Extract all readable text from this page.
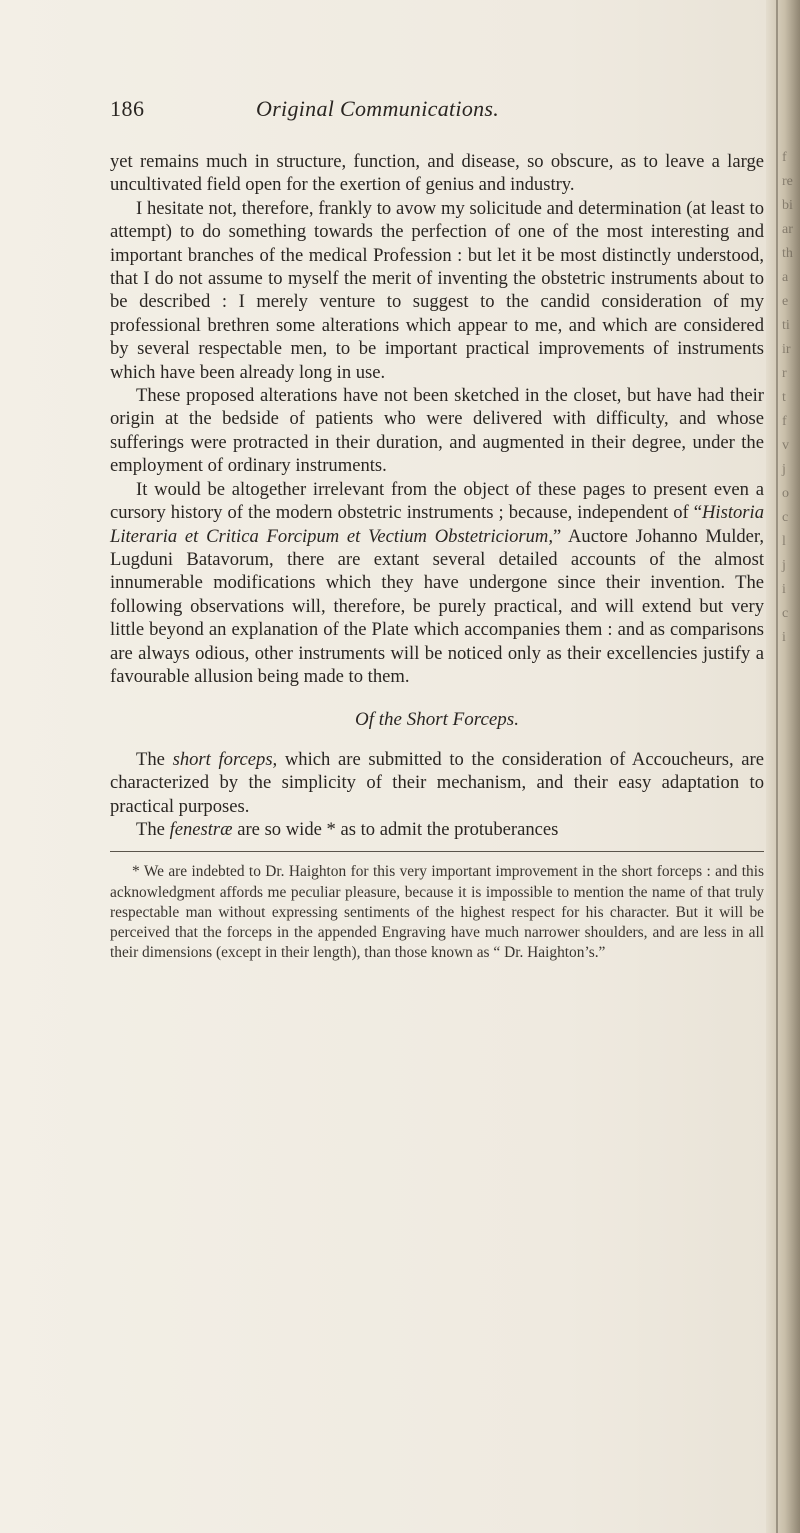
186	Original Communications.

yet remains much in structure, function, and disease, so obscure, as to leave a large uncultivated field open for the exertion of genius and industry.

I hesitate not, therefore, frankly to avow my solicitude and determination (at least to attempt) to do something towards the perfection of one of the most interesting and important branches of the medical Profession : but let it be most distinctly understood, that I do not assume to myself the merit of inventing the obstetric instruments about to be described : I merely venture to suggest to the candid consideration of my professional brethren some alterations which appear to me, and which are considered by several respectable men, to be important practical improvements of instruments which have been already long in use.

These proposed alterations have not been sketched in the closet, but have had their origin at the bedside of patients who were delivered with difficulty, and whose sufferings were protracted in their duration, and augmented in their degree, under the employment of ordinary instruments.

It would be altogether irrelevant from the object of these pages to present even a cursory history of the modern obstetric instruments ; because, independent of “Historia Literaria et Critica Forcipum et Vectium Obstetriciorum,” Auctore Johanno Mulder, Lugduni Batavorum, there are extant several detailed accounts of the almost innumerable modifications which they have undergone since their invention. The following observations will, therefore, be purely practical, and will extend but very little beyond an explanation of the Plate which accompanies them : and as comparisons are always odious, other instruments will be noticed only as their excellencies justify a favourable allusion being made to them.

Of the Short Forceps.

The short forceps, which are submitted to the consideration of Accoucheurs, are characterized by the simplicity of their mechanism, and their easy adaptation to practical purposes.

The fenestræ are so wide * as to admit the protuberances

* We are indebted to Dr. Haighton for this very important improvement in the short forceps : and this acknowledgment affords me peculiar pleasure, because it is impossible to mention the name of that truly respectable man without expressing sentiments of the highest respect for his character. But it will be perceived that the forceps in the appended Engraving have much narrower shoulders, and are less in all their dimensions (except in their length), than those known as “ Dr. Haighton’s.”

f
re
bi
ar
th
a
e
ti
ir
r
t
f
v
j
o
c
l
j
i
c
i
